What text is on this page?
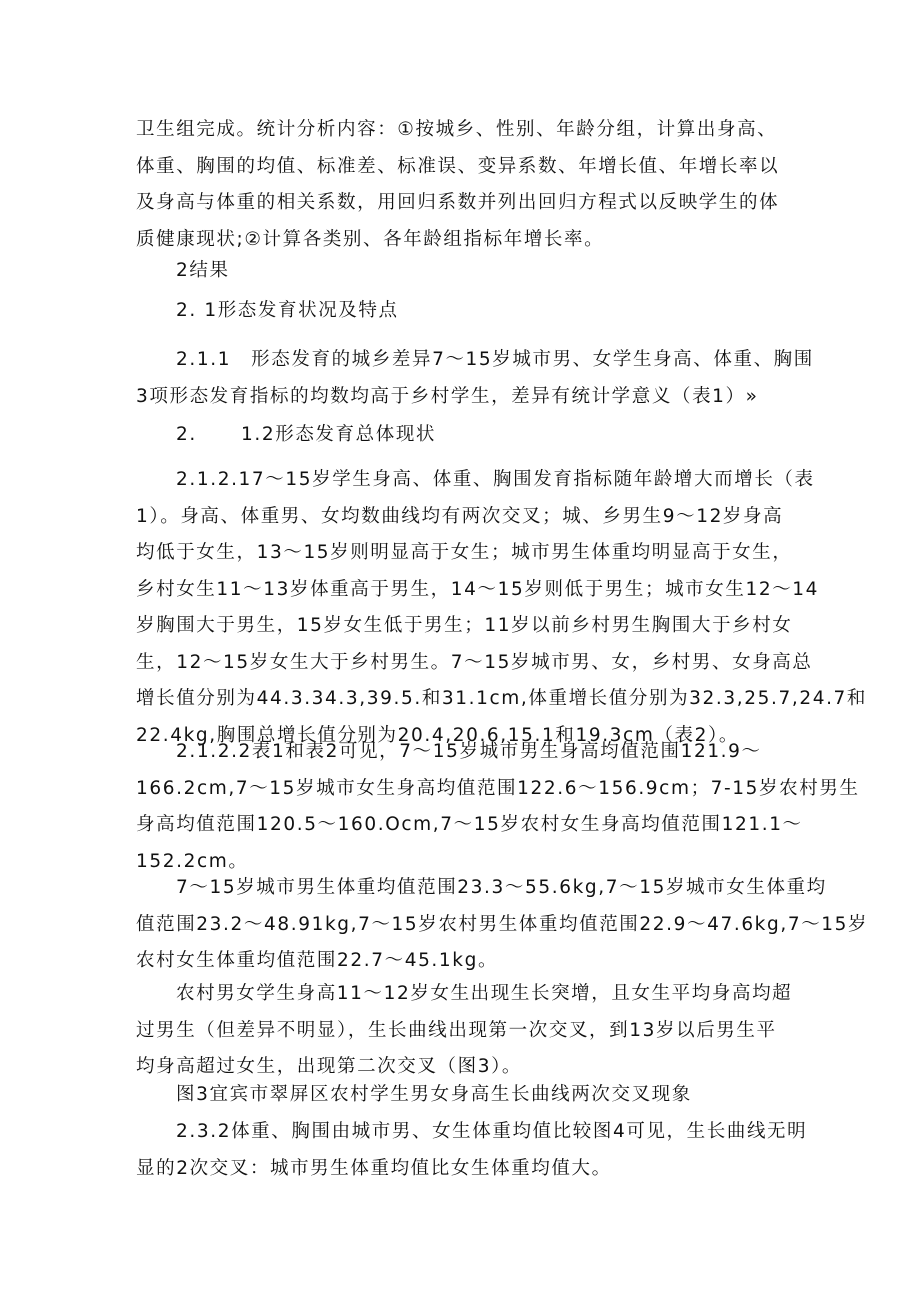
卫生组完成。统计分析内容：①按城乡、性别、年龄分组，计算出身高、
体重、胸围的均值、标准差、标准误、变异系数、年增长值、年增长率以
及身高与体重的相关系数，用回归系数并列出回归方程式以反映学生的体
质健康现状;②计算各类别、各年龄组指标年增长率。

2结果

2. 1形态发育状况及特点

2.1.1　形态发育的城乡差异7～15岁城市男、女学生身高、体重、胸围
3项形态发育指标的均数均高于乡村学生，差异有统计学意义（表1）»

2. 1.2形态发育总体现状

2.1.2.17～15岁学生身高、体重、胸围发育指标随年龄增大而增长（表
1）。身高、体重男、女均数曲线均有两次交叉；城、乡男生9～12岁身高
均低于女生，13～15岁则明显高于女生；城市男生体重均明显高于女生，
乡村女生11～13岁体重高于男生，14～15岁则低于男生；城市女生12～14
岁胸围大于男生，15岁女生低于男生；11岁以前乡村男生胸围大于乡村女
生，12～15岁女生大于乡村男生。7～15岁城市男、女，乡村男、女身高总
增长值分别为44.3.34.3,39.5.和31.1cm,体重增长值分别为32.3,25.7,24.7和
22.4kg,胸围总增长值分别为20.4,20.6,15.1和19.3cm（表2）。
2.1.2.2表1和表2可见，7～15岁城市男生身高均值范围121.9～
166.2cm,7～15岁城市女生身高均值范围122.6～156.9cm；7-15岁农村男生
身高均值范围120.5～160.Ocm,7～15岁农村女生身高均值范围121.1～
152.2cm。
7～15岁城市男生体重均值范围23.3～55.6kg,7～15岁城市女生体重均
值范围23.2～48.91kg,7～15岁农村男生体重均值范围22.9～47.6kg,7～15岁
农村女生体重均值范围22.7～45.1kg。
农村男女学生身高11～12岁女生出现生长突增，且女生平均身高均超
过男生（但差异不明显），生长曲线出现第一次交叉，到13岁以后男生平
均身高超过女生，出现第二次交叉（图3）。

图3宜宾市翠屏区农村学生男女身高生长曲线两次交叉现象

2.3.2体重、胸围由城市男、女生体重均值比较图4可见，生长曲线无明
显的2次交叉：城市男生体重均值比女生体重均值大。
